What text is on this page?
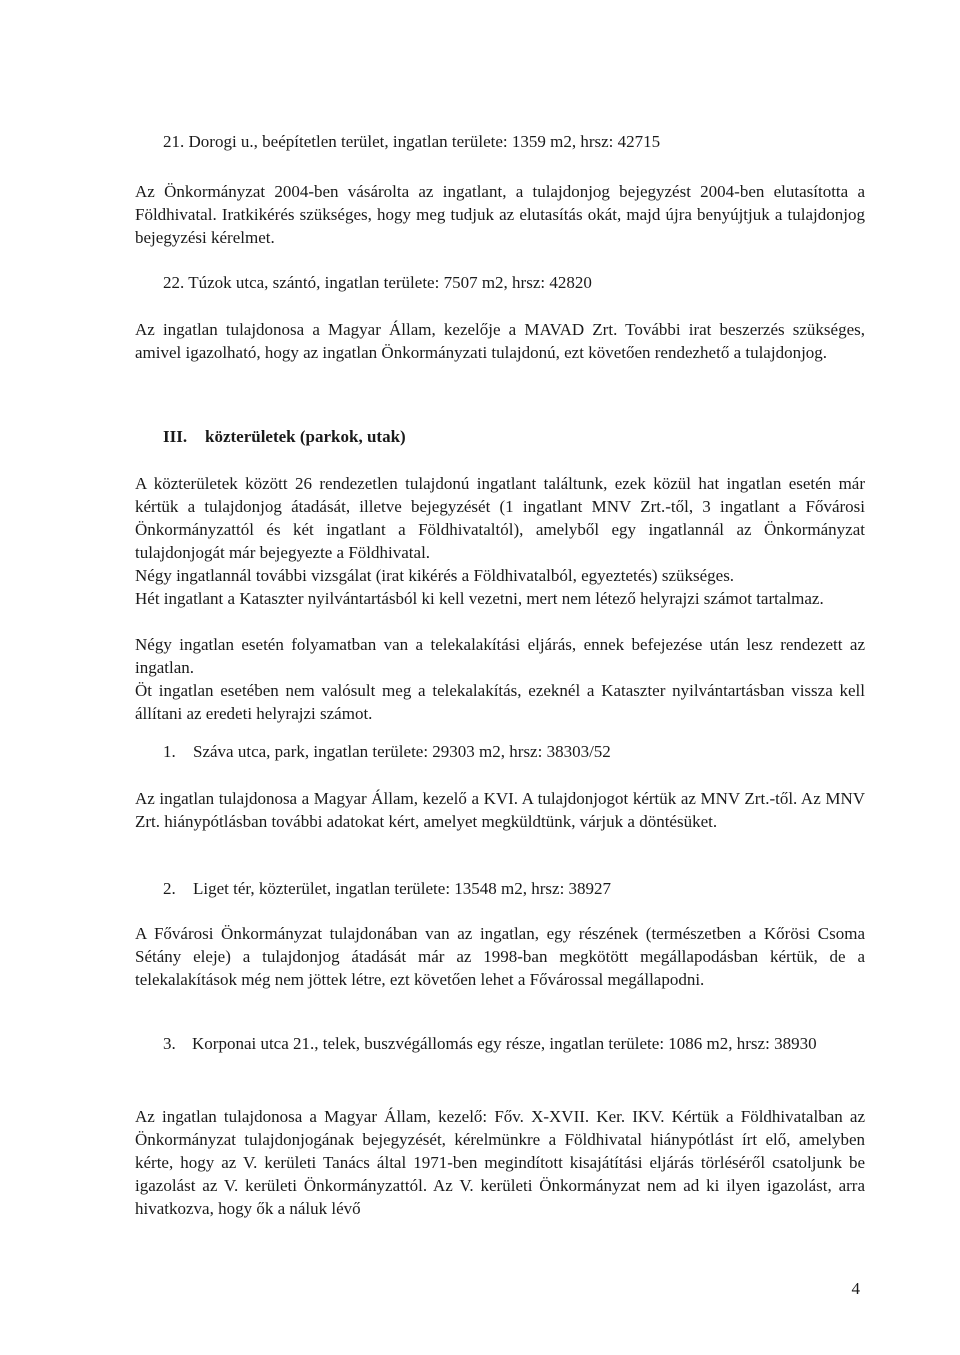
21. Dorogi u., beépítetlen terület, ingatlan területe: 1359 m2, hrsz: 42715

Az Önkormányzat 2004-ben vásárolta az ingatlant, a tulajdonjog bejegyzést 2004-ben elutasította a Földhivatal. Iratkikérés szükséges, hogy meg tudjuk az elutasítás okát, majd újra benyújtjuk a tulajdonjog bejegyzési kérelmet.

22. Túzok utca, szántó, ingatlan területe: 7507 m2, hrsz: 42820

Az ingatlan tulajdonosa a Magyar Állam, kezelője a MAVAD Zrt. További irat beszerzés szükséges, amivel igazolható, hogy az ingatlan Önkormányzati tulajdonú, ezt követően rendezhető a tulajdonjog.

III. közterületek (parkok, utak)

A közterületek között 26 rendezetlen tulajdonú ingatlant találtunk, ezek közül hat ingatlan esetén már kértük a tulajdonjog átadását, illetve bejegyzését (1 ingatlant MNV Zrt.-től, 3 ingatlant a Fővárosi Önkormányzattól és két ingatlant a Földhivataltól), amelyből egy ingatlannál az Önkormányzat tulajdonjogát már bejegyezte a Földhivatal.

Négy ingatlannál további vizsgálat (irat kikérés a Földhivatalból, egyeztetés) szükséges.

Hét ingatlant a Kataszter nyilvántartásból ki kell vezetni, mert nem létező helyrajzi számot tartalmaz.

Négy ingatlan esetén folyamatban van a telekalakítási eljárás, ennek befejezése után lesz rendezett az ingatlan.

Öt ingatlan esetében nem valósult meg a telekalakítás, ezeknél a Kataszter nyilvántartásban vissza kell állítani az eredeti helyrajzi számot.

1. Száva utca, park, ingatlan területe: 29303 m2, hrsz: 38303/52

Az ingatlan tulajdonosa a Magyar Állam, kezelő a KVI. A tulajdonjogot kértük az MNV Zrt.-től. Az MNV Zrt. hiánypótlásban további adatokat kért, amelyet megküldtünk, várjuk a döntésüket.

2. Liget tér, közterület, ingatlan területe: 13548 m2, hrsz: 38927

A Fővárosi Önkormányzat tulajdonában van az ingatlan, egy részének (természetben a Kőrösi Csoma Sétány eleje) a tulajdonjog átadását már az 1998-ban megkötött megállapodásban kértük, de a telekalakítások még nem jöttek létre, ezt követően lehet a Fővárossal megállapodni.

3. Korponai utca 21., telek, buszvégállomás egy része, ingatlan területe: 1086 m2, hrsz: 38930

Az ingatlan tulajdonosa a Magyar Állam, kezelő: Főv. X-XVII. Ker. IKV. Kértük a Földhivatalban az Önkormányzat tulajdonjogának bejegyzését, kérelmünkre a Földhivatal hiánypótlást írt elő, amelyben kérte, hogy az V. kerületi Tanács által 1971-ben megindított kisajátítási eljárás törléséről csatoljunk be igazolást az V. kerületi Önkormányzattól. Az V. kerületi Önkormányzat nem ad ki ilyen igazolást, arra hivatkozva, hogy ők a náluk lévő

4
